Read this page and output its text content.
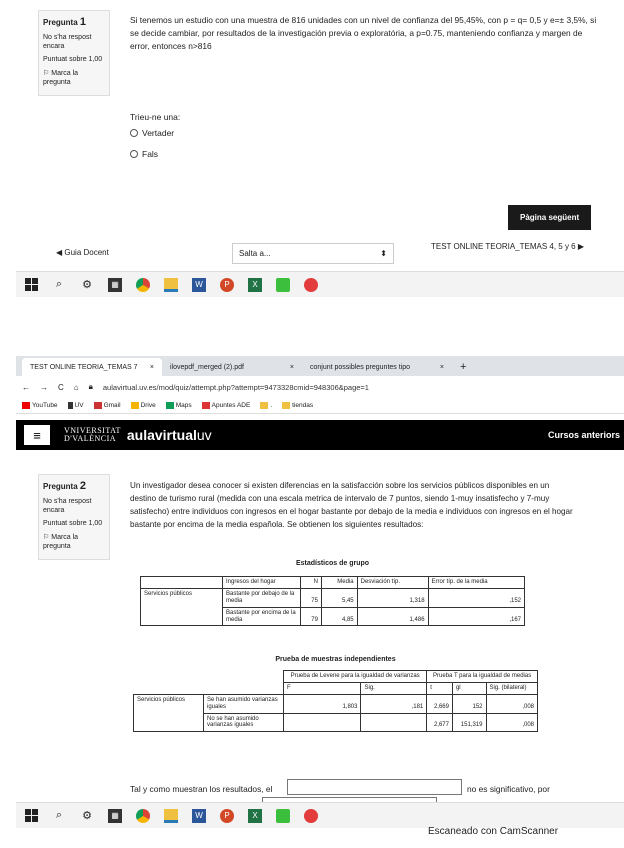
Pregunta 1
No s'ha respost encara
Puntuat sobre 1,00
⚐ Marca la pregunta
Si tenemos un estudio con una muestra de 816 unidades con un nivel de confianza del 95,45%, con p = q= 0,5 y e=± 3,5%, si se decide cambiar, por resultados de la investigación previa o exploratória, a p=0.75, manteniendo confianza y margen de error, entonces n>816
Trieu-ne una:
Vertader
Fals
Pàgina següent
◀ Guia Docent	Salta a...	⬍
TEST ONLINE TEORIA_TEMAS 4, 5 y 6 ▶
⌕	⚙	▦	W	P	X
TEST ONLINE TEORIA_TEMAS 7 × ilovepdf_merged (2).pdf	× conjunt possibles preguntes tipo	×	+
← → C ⌂ 🔒︎ aulavirtual.uv.es/mod/quiz/attempt.php?attempt=9473328cmid=948306&page=1
YouTube	UV	Gmail	Drive	Maps	Apuntes ADE	.	tiendas
≡	VNIVERSITAT
D'VALÈNCIA aulavirtualuv	Cursos anteriors
Pregunta 2
No s'ha respost encara
Puntuat sobre 1,00
⚐ Marca la pregunta
Un investigador desea conocer si existen diferencias en la satisfacción sobre los servicios públicos disponibles en un destino de turismo rural (medida con una escala metrica de intervalo de 7 puntos, siendo 1-muy insatisfecho y 7-muy satisfecho) entre individuos con ingresos en el hogar bastante por debajo de la media e individuos con ingresos en el hogar bastante por encima de la media española. Se obtienen los siguientes resultados:
Estadísticos de grupo
	Ingresos del hogar	N	Media	Desviación típ.	Error típ. de la media
Servicios públicos	Bastante por debajo de la media	75	5,45	1,318	,152
	Bastante por encima de la media	79	4,85	1,486	,167
Prueba de muestras independientes
		Prueba de Levene para la igualdad de varianzas		Prueba T para la igualdad de medias		
		F	Sig.	t	gl	Sig. (bilateral)
Servicios públicos	Se han asumido varianzas iguales	1,803	,181	2,669	152	,008
	No se han asumido varianzas iguales			2,677	151,319	,008
Tal y como muestran los resultados, el	no es significativo, por
⌕	⚙	▦	W	P	X
Escaneado con CamScanner
